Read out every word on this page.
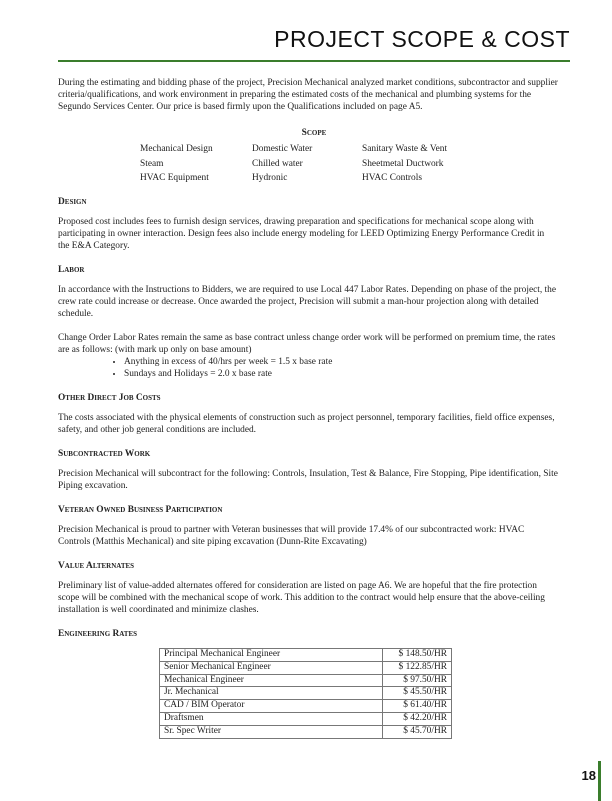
PROJECT SCOPE & COST

During the estimating and bidding phase of the project, Precision Mechanical analyzed market conditions, subcontractor and supplier criteria/qualifications, and work environment in preparing the estimated costs of the mechanical and plumbing systems for the Segundo Services Center. Our price is based firmly upon the Qualifications included on page A5.

Scope
Mechanical Design	Domestic Water	Sanitary Waste & Vent
Steam	Chilled water	Sheetmetal Ductwork
HVAC Equipment	Hydronic	HVAC Controls
Design

Proposed cost includes fees to furnish design services, drawing preparation and specifications for mechanical scope along with participating in owner interaction. Design fees also include energy modeling for LEED Optimizing Energy Performance Credit in the E&A Category.

Labor

In accordance with the Instructions to Bidders, we are required to use Local 447 Labor Rates. Depending on phase of the project, the crew rate could increase or decrease. Once awarded the project, Precision will submit a man-hour projection along with detailed schedule.

Change Order Labor Rates remain the same as base contract unless change order work will be performed on premium time, the rates are as follows: (with mark up only on base amount)

• Anything in excess of 40/hrs per week = 1.5 x base rate
• Sundays and Holidays = 2.0 x base rate
Other Direct Job Costs

The costs associated with the physical elements of construction such as project personnel, temporary facilities, field office expenses, safety, and other job general conditions are included.

Subcontracted Work

Precision Mechanical will subcontract for the following: Controls, Insulation, Test & Balance, Fire Stopping, Pipe identification, Site Piping excavation.

Veteran Owned Business Participation

Precision Mechanical is proud to partner with Veteran businesses that will provide 17.4% of our subcontracted work: HVAC Controls (Matthis Mechanical) and site piping excavation (Dunn-Rite Excavating)

Value Alternates

Preliminary list of value-added alternates offered for consideration are listed on page A6. We are hopeful that the fire protection scope will be combined with the mechanical scope of work. This addition to the contract would help ensure that the above-ceiling installation is well coordinated and minimize clashes.

Engineering Rates
Principal Mechanical Engineer	$ 148.50/HR
Senior Mechanical Engineer	$ 122.85/HR
Mechanical Engineer	$ 97.50/HR
Jr. Mechanical	$ 45.50/HR
CAD / BIM Operator	$ 61.40/HR
Draftsmen	$ 42.20/HR
Sr. Spec Writer	$ 45.70/HR
18
